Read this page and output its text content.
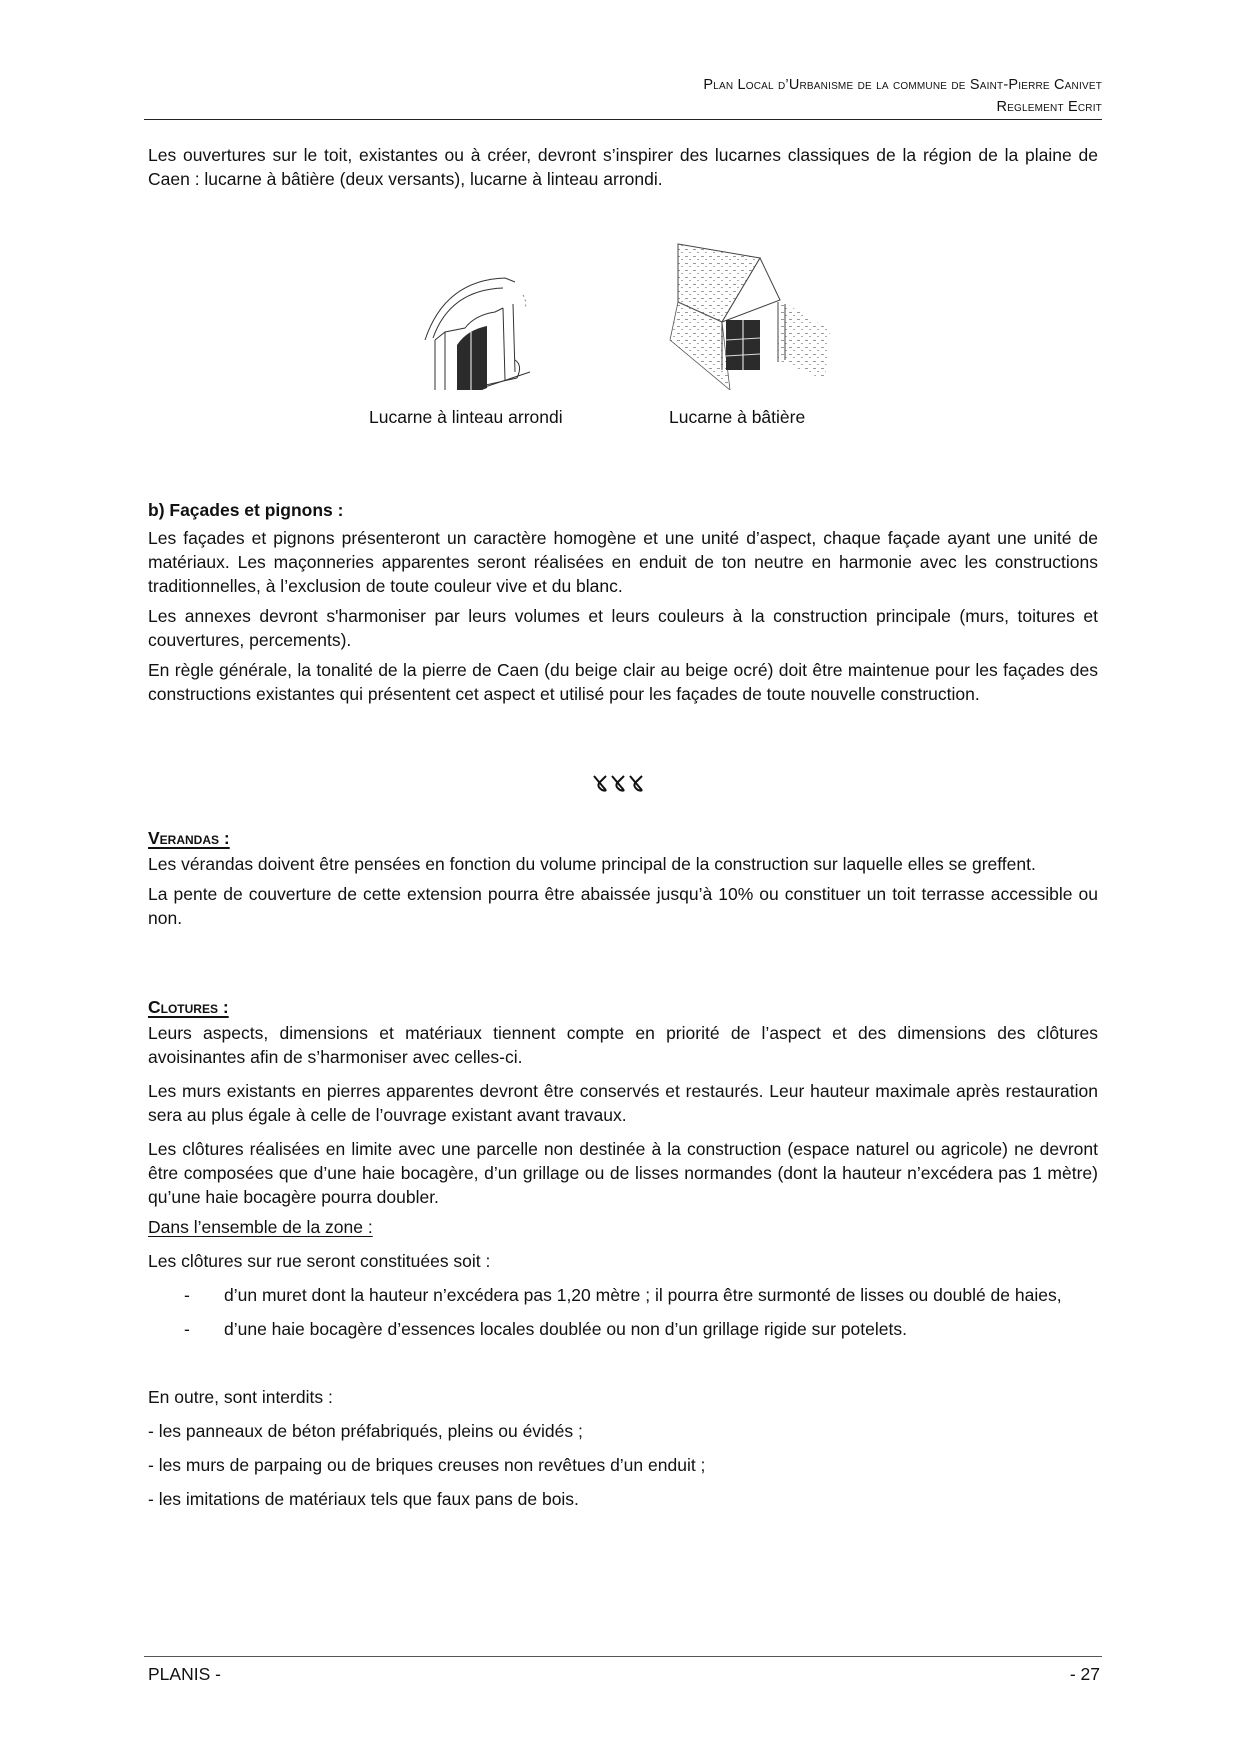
Plan Local d’Urbanisme de la commune de Saint-Pierre Canivet
Reglement Ecrit

Les ouvertures sur le toit, existantes ou à créer, devront s’inspirer des lucarnes classiques de la région de la plaine de Caen : lucarne à bâtière (deux versants), lucarne à linteau arrondi.

Lucarne à linteau arrondi	Lucarne à bâtière

b) Façades et pignons :

Les façades et pignons présenteront un caractère homogène et une unité d’aspect, chaque façade ayant une unité de matériaux. Les maçonneries apparentes seront réalisées en enduit de ton neutre en harmonie avec les constructions traditionnelles, à l’exclusion de toute couleur vive et du blanc.

Les annexes devront s'harmoniser par leurs volumes et leurs couleurs à la construction principale (murs, toitures et couvertures, percements).

En règle générale, la tonalité de la pierre de Caen (du beige clair au beige ocré) doit être maintenue pour les façades des constructions existantes qui présentent cet aspect et utilisé pour les façades de toute nouvelle construction.

Verandas :

Les vérandas doivent être pensées en fonction du volume principal de la construction sur laquelle elles se greffent.

La pente de couverture de cette extension pourra être abaissée jusqu’à 10% ou constituer un toit terrasse accessible ou non.

Clotures :

Leurs aspects, dimensions et matériaux tiennent compte en priorité de l’aspect et des dimensions des clôtures avoisinantes afin de s’harmoniser avec celles-ci.

Les murs existants en pierres apparentes devront être conservés et restaurés. Leur hauteur maximale après restauration sera au plus égale à celle de l’ouvrage existant avant travaux.

Les clôtures réalisées en limite avec une parcelle non destinée à la construction (espace naturel ou agricole) ne devront être composées que d’une haie bocagère, d’un grillage ou de lisses normandes (dont la hauteur n’excédera pas 1 mètre) qu’une haie bocagère pourra doubler.

Dans l’ensemble de la zone :

Les clôtures sur rue seront constituées soit :

- d’un muret dont la hauteur n’excédera pas 1,20 mètre ; il pourra être surmonté de lisses ou doublé de haies,
- d’une haie bocagère d’essences locales doublée ou non d’un grillage rigide sur potelets.

En outre, sont interdits :

- les panneaux de béton préfabriqués, pleins ou évidés ;

- les murs de parpaing ou de briques creuses non revêtues d’un enduit ;

- les imitations de matériaux tels que faux pans de bois.

PLANIS -	- 27
